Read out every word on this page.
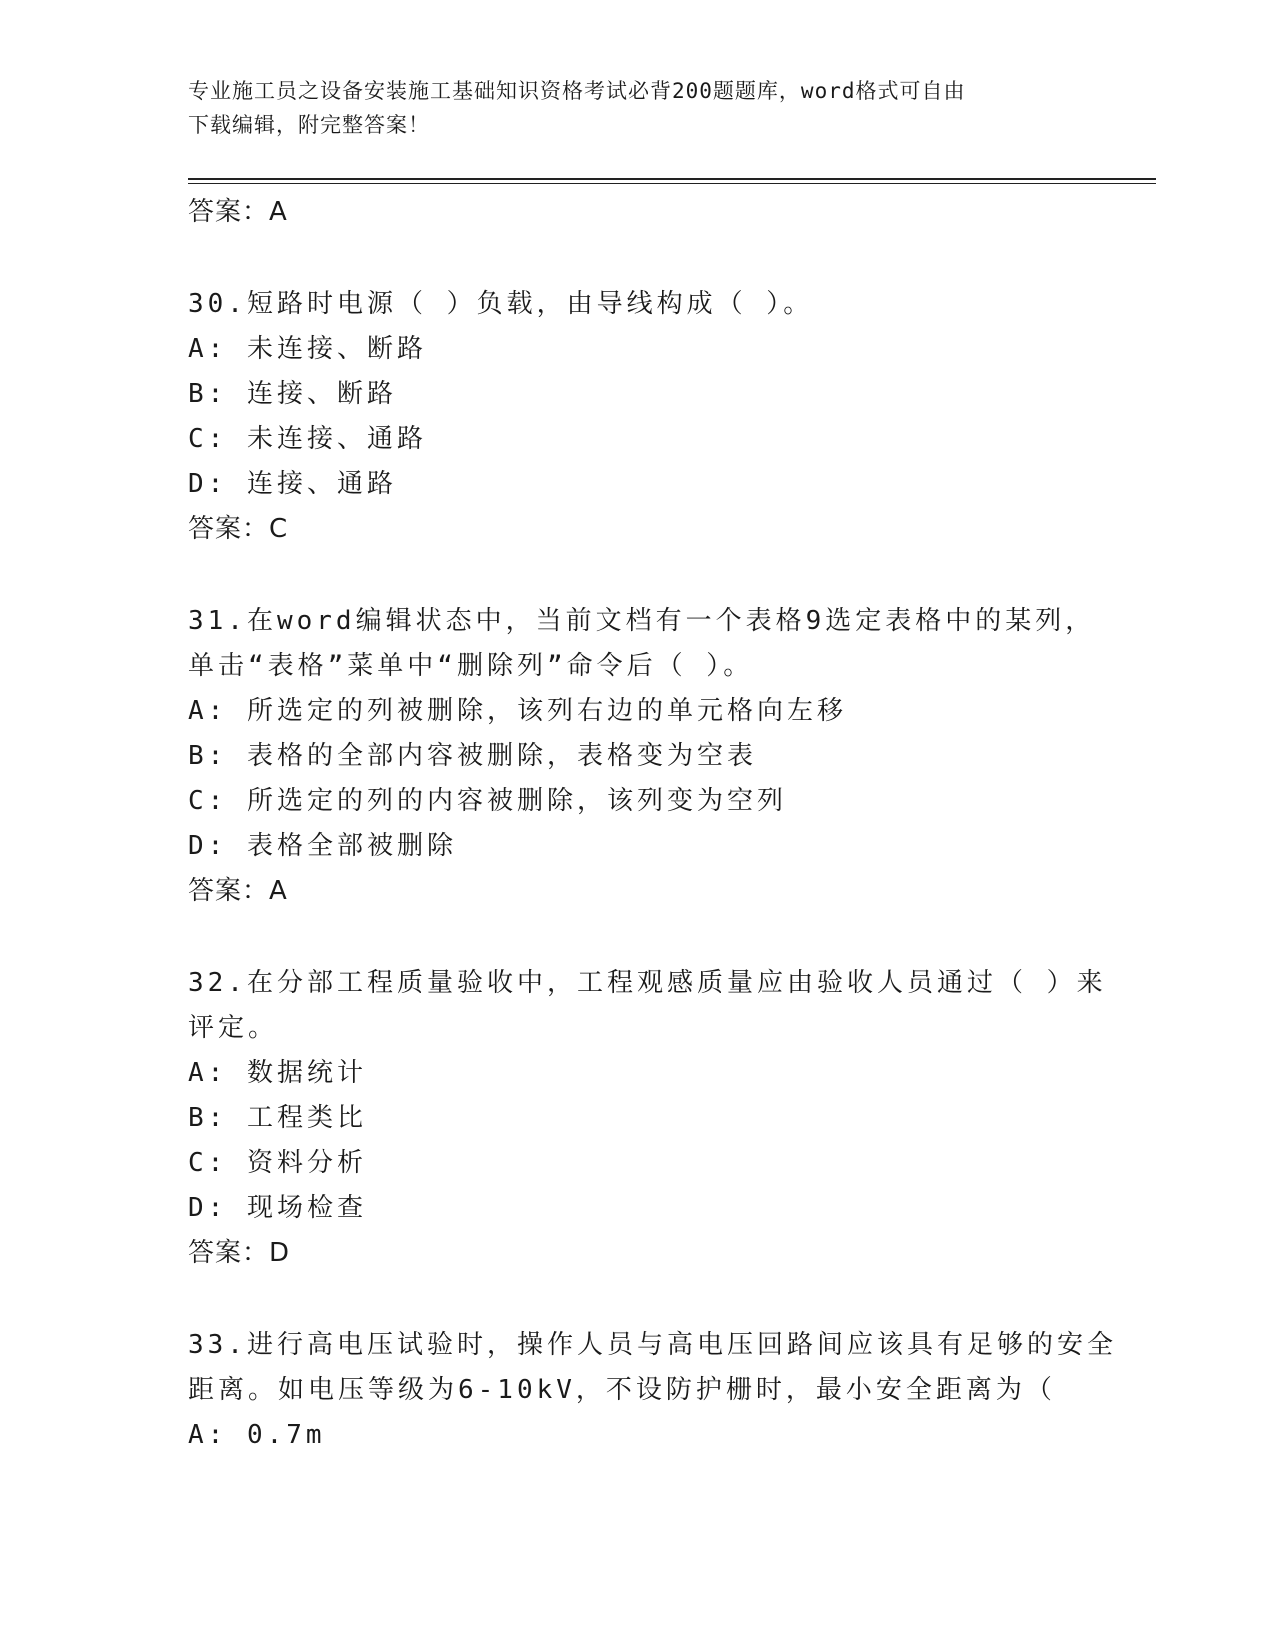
专业施工员之设备安装施工基础知识资格考试必背200题题库，word格式可自由
下载编辑，附完整答案！
答案：A
30.短路时电源（ ）负载，由导线构成（ ）。
A: 未连接、断路
B: 连接、断路
C: 未连接、通路
D: 连接、通路
答案：C
31.在word编辑状态中，当前文档有一个表格9选定表格中的某列，
单击“表格”菜单中“删除列”命令后（ ）。
A: 所选定的列被删除，该列右边的单元格向左移
B: 表格的全部内容被删除，表格变为空表
C: 所选定的列的内容被删除，该列变为空列
D: 表格全部被删除
答案：A
32.在分部工程质量验收中，工程观感质量应由验收人员通过（ ）来
评定。
A: 数据统计
B: 工程类比
C: 资料分析
D: 现场检查
答案：D
33.进行高电压试验时，操作人员与高电压回路间应该具有足够的安全
距离。如电压等级为6-10kV，不设防护栅时，最小安全距离为（
A: 0.7m
